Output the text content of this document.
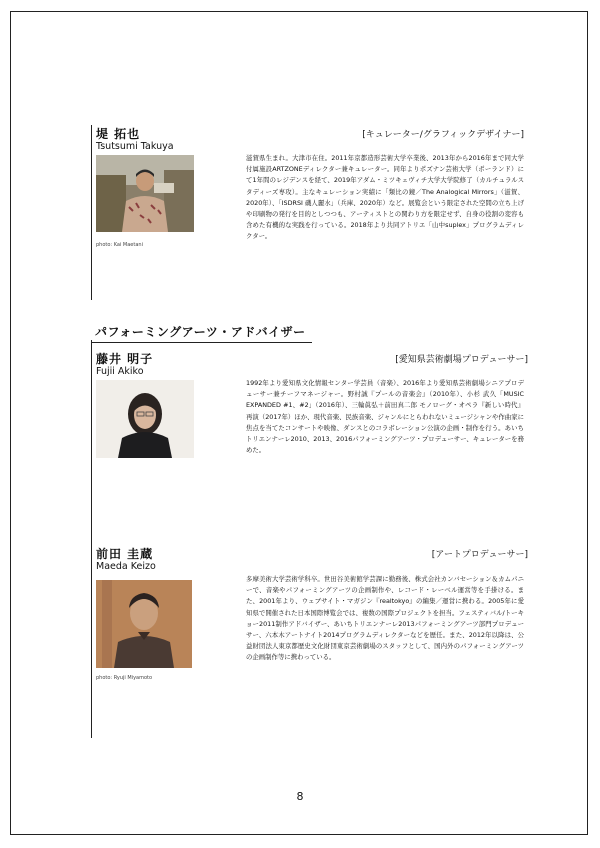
堤 拓也
Tsutsumi Takuya
[キュレーター/グラフィックデザイナー]
photo: Kai Maetani

滋賀県生まれ。大津市在住。2011年京都造形芸術大学卒業後、2013年から2016年まで同大学付属施設ARTZONEディレクター兼キュレーター。同年よりポズナン芸術大学（ポーランド）にて1年間のレジデンスを経て、2019年アダム・ミツキェヴィチ大学大学院修了（カルチュラルスタディーズ専攻）。主なキュレーション実績に「類比の鏡／The Analogical Mirrors」（滋賀、2020年）、「ISDRSI 磯人麗水」（兵庫、2020年）など。展覧会という限定された空間の立ち上げや印刷物の発行を目的としつつも、アーティストとの関わり方を限定せず、自身の役割の変容も含めた有機的な実践を行っている。2018年より共同アトリエ「山中suplex」プログラムディレクター。

パフォーミングアーツ・アドバイザー
藤井 明子
Fujii Akiko
[愛知県芸術劇場プロデューサー]

1992年より愛知県文化情報センター学芸員（音楽）、2016年より愛知県芸術劇場シニアプロデューサー兼チーフマネージャー。野村誠『プールの音楽会』（2010年）、小杉 武久「MUSIC EXPANDED #1、#2」（2016年）、三輪眞弘＋前田真二郎 モノローグ・オペラ『新しい時代』再演（2017年）ほか、現代音楽、民族音楽、ジャンルにとらわれないミュージシャンや作曲家に焦点を当てたコンサートや映像、ダンスとのコラボレーション公演の企画・制作を行う。あいちトリエンナーレ2010、2013、2016パフォーミングアーツ・プロデューサー、キュレーターを務めた。

前田 圭蔵
Maeda Keizo
[アートプロデューサー]
photo: Ryuji Miyamoto

多摩美術大学芸術学科卒。世田谷美術館学芸課に勤務後、株式会社カンバセーション＆カムパニーで、音楽やパフォーミングアーツの企画制作や、レコード・レーベル運営等を手掛ける。また、2001年より、ウェブサイト・マガジン『realtokyo』の編集／運営に携わる。2005年に愛知県で開催された日本国際博覧会では、複数の国際プロジェクトを担当。フェスティバル/トーキョー2011制作アドバイザー、あいちトリエンナーレ2013パフォーミングアーツ部門プロデューサー、六本木アートナイト2014プログラムディレクターなどを歴任。また、2012年以降は、公益財団法人東京都歴史文化財団東京芸術劇場のスタッフとして、国内外のパフォーミングアーツの企画制作等に携わっている。

8
